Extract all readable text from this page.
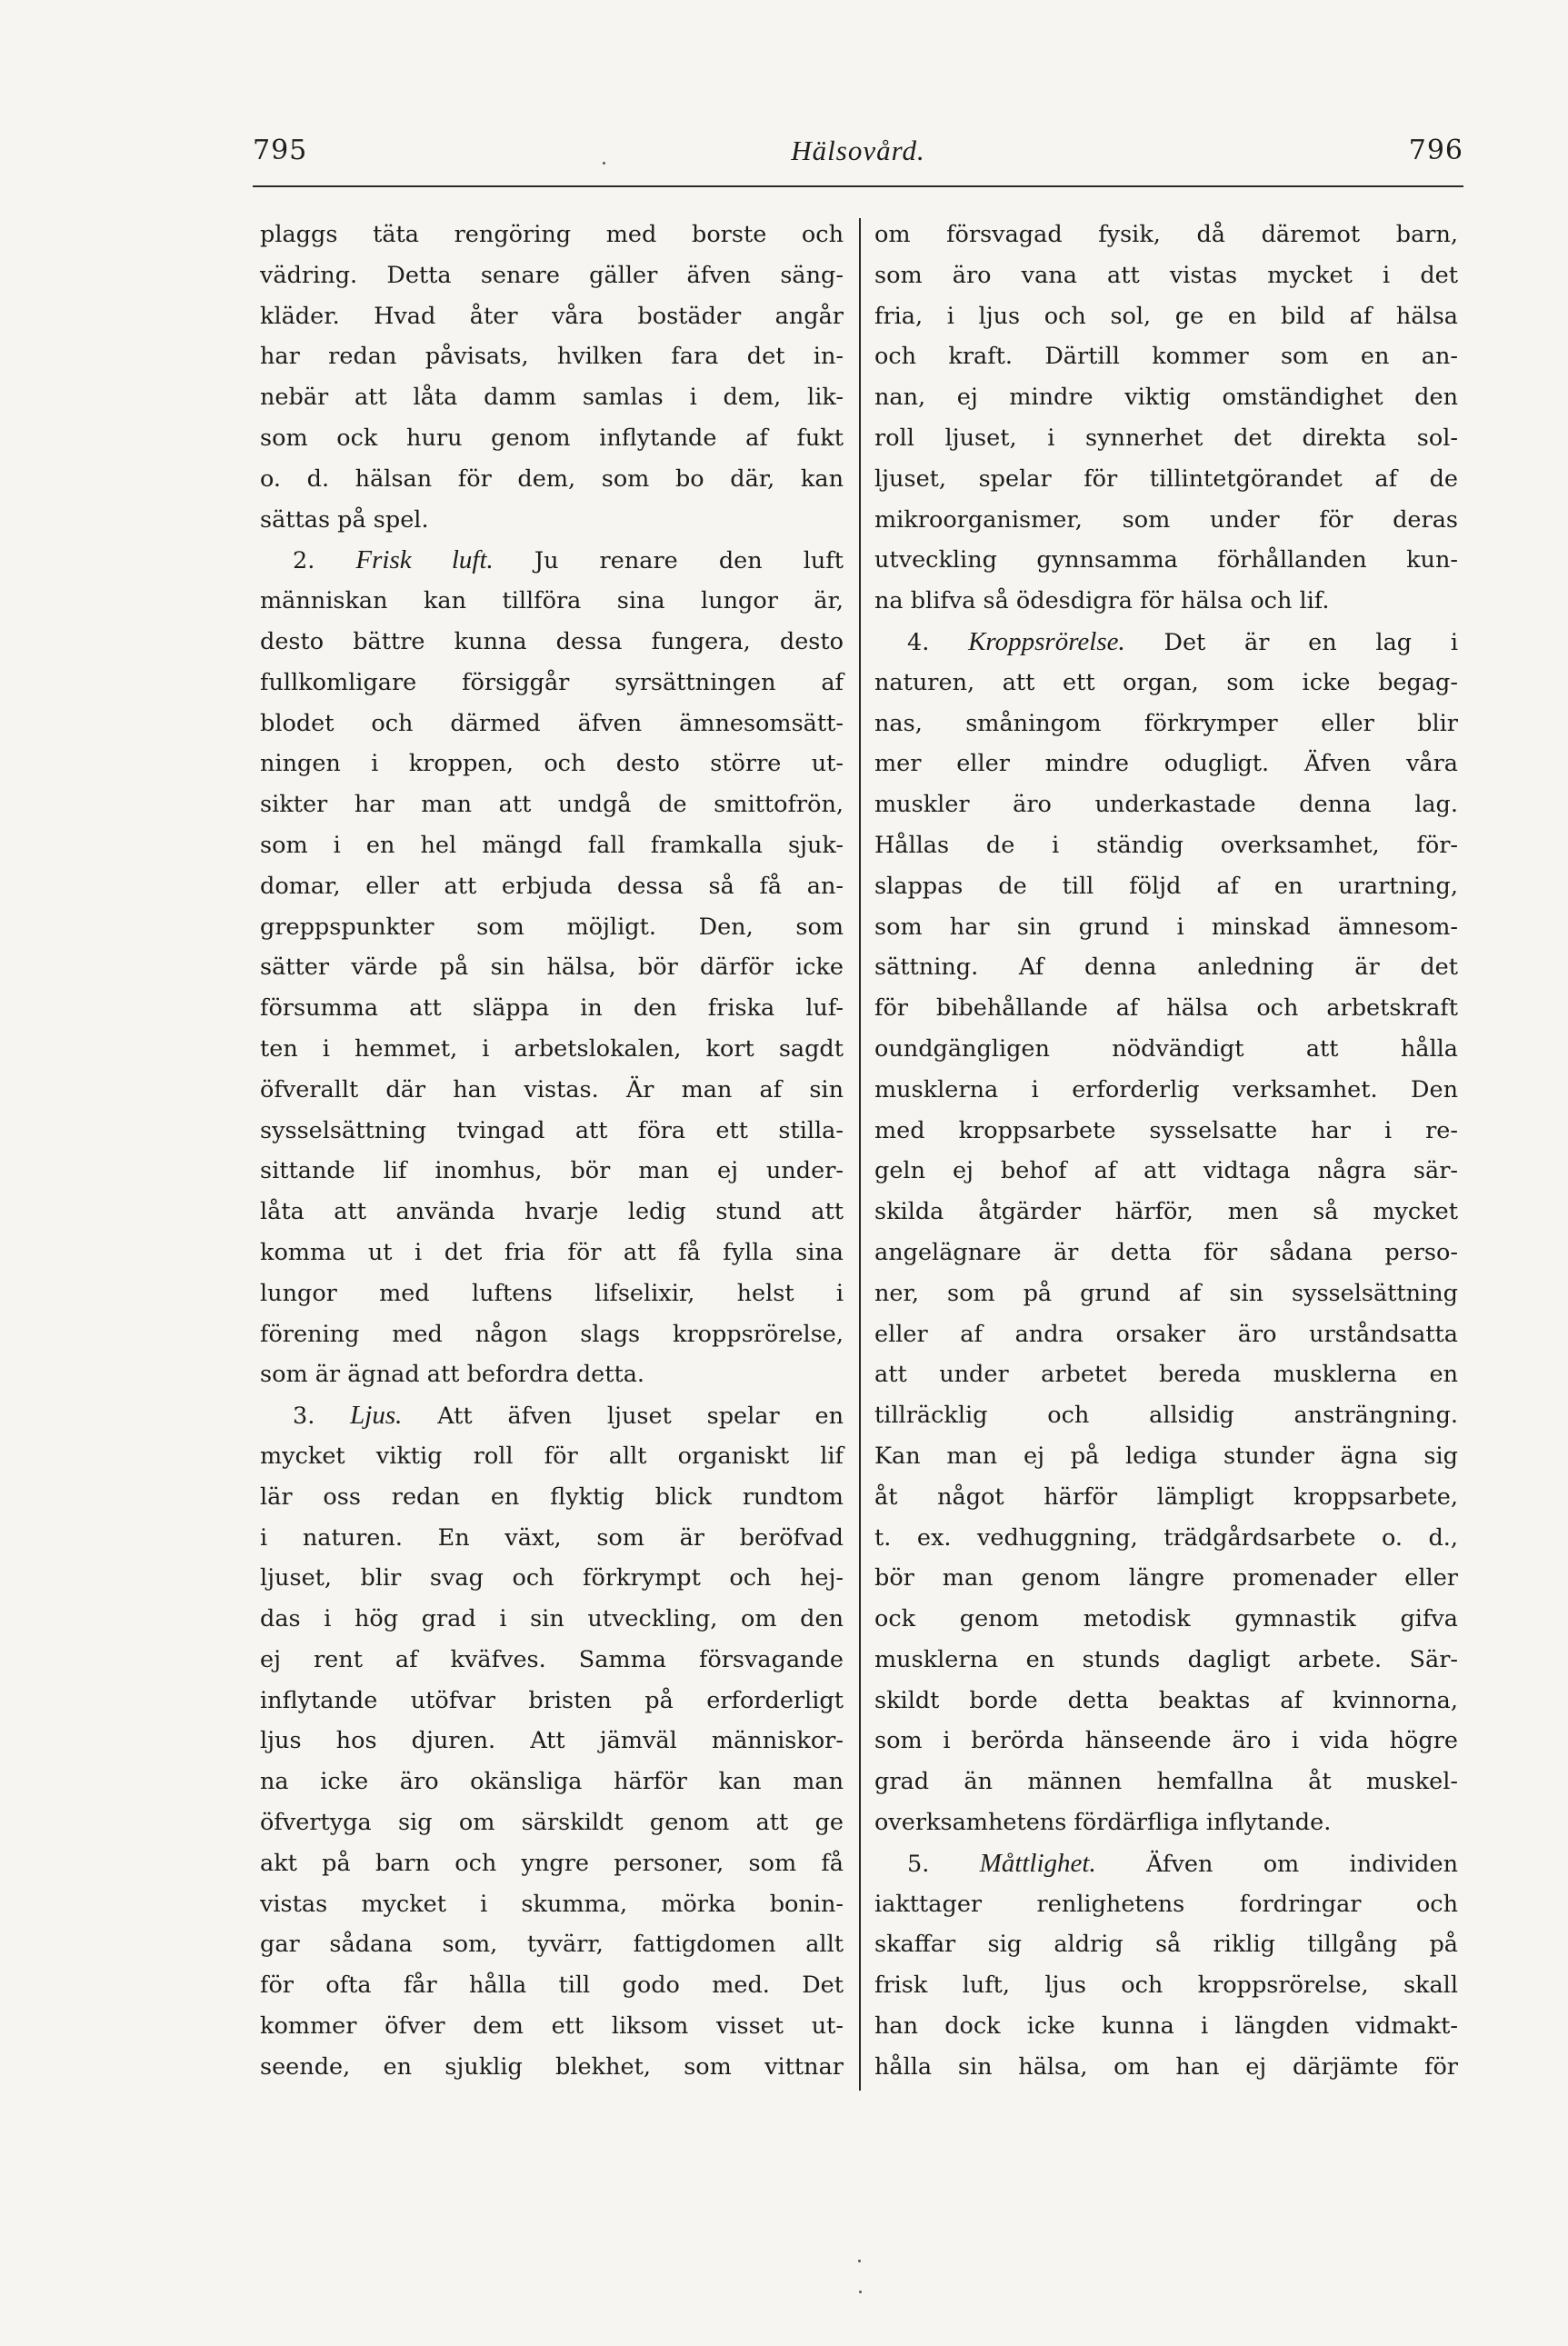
795	Hälsovård.	796
plaggs täta rengöring med borste och
vädring. Detta senare gäller äfven säng-
kläder. Hvad åter våra bostäder angår
har redan påvisats, hvilken fara det in-
nebär att låta damm samlas i dem, lik-
som ock huru genom inflytande af fukt
o. d. hälsan för dem, som bo där, kan
sättas på spel.
2. Frisk luft. Ju renare den luft
människan kan tillföra sina lungor är,
desto bättre kunna dessa fungera, desto
fullkomligare försiggår syrsättningen af
blodet och därmed äfven ämnesomsätt-
ningen i kroppen, och desto större ut-
sikter har man att undgå de smittofrön,
som i en hel mängd fall framkalla sjuk-
domar, eller att erbjuda dessa så få an-
greppspunkter som möjligt. Den, som
sätter värde på sin hälsa, bör därför icke
försumma att släppa in den friska luf-
ten i hemmet, i arbetslokalen, kort sagdt
öfverallt där han vistas. Är man af sin
sysselsättning tvingad att föra ett stilla-
sittande lif inomhus, bör man ej under-
låta att använda hvarje ledig stund att
komma ut i det fria för att få fylla sina
lungor med luftens lifselixir, helst i
förening med någon slags kroppsrörelse,
som är ägnad att befordra detta.
3. Ljus. Att äfven ljuset spelar en
mycket viktig roll för allt organiskt lif
lär oss redan en flyktig blick rundtom
i naturen. En växt, som är beröfvad
ljuset, blir svag och förkrympt och hej-
das i hög grad i sin utveckling, om den
ej rent af kväfves. Samma försvagande
inflytande utöfvar bristen på erforderligt
ljus hos djuren. Att jämväl människor-
na icke äro okänsliga härför kan man
öfvertyga sig om särskildt genom att ge
akt på barn och yngre personer, som få
vistas mycket i skumma, mörka bonin-
gar sådana som, tyvärr, fattigdomen allt
för ofta får hålla till godo med. Det
kommer öfver dem ett liksom visset ut-
seende, en sjuklig blekhet, som vittnar
om försvagad fysik, då däremot barn,
som äro vana att vistas mycket i det
fria, i ljus och sol, ge en bild af hälsa
och kraft. Därtill kommer som en an-
nan, ej mindre viktig omständighet den
roll ljuset, i synnerhet det direkta sol-
ljuset, spelar för tillintetgörandet af de
mikroorganismer, som under för deras
utveckling gynnsamma förhållanden kun-
na blifva så ödesdigra för hälsa och lif.
4. Kroppsrörelse. Det är en lag i
naturen, att ett organ, som icke begag-
nas, småningom förkrymper eller blir
mer eller mindre odugligt. Äfven våra
muskler äro underkastade denna lag.
Hållas de i ständig overksamhet, för-
slappas de till följd af en urartning,
som har sin grund i minskad ämnesom-
sättning. Af denna anledning är det
för bibehållande af hälsa och arbetskraft
oundgängligen nödvändigt att hålla
musklerna i erforderlig verksamhet. Den
med kroppsarbete sysselsatte har i re-
geln ej behof af att vidtaga några sär-
skilda åtgärder härför, men så mycket
angelägnare är detta för sådana perso-
ner, som på grund af sin sysselsättning
eller af andra orsaker äro urståndsatta
att under arbetet bereda musklerna en
tillräcklig och allsidig ansträngning.
Kan man ej på lediga stunder ägna sig
åt något härför lämpligt kroppsarbete,
t. ex. vedhuggning, trädgårdsarbete o. d.,
bör man genom längre promenader eller
ock genom metodisk gymnastik gifva
musklerna en stunds dagligt arbete. Sär-
skildt borde detta beaktas af kvinnorna,
som i berörda hänseende äro i vida högre
grad än männen hemfallna åt muskel-
overksamhetens fördärfliga inflytande.
5. Måttlighet. Äfven om individen
iakttager renlighetens fordringar och
skaffar sig aldrig så riklig tillgång på
frisk luft, ljus och kroppsrörelse, skall
han dock icke kunna i längden vidmakt-
hålla sin hälsa, om han ej därjämte för
